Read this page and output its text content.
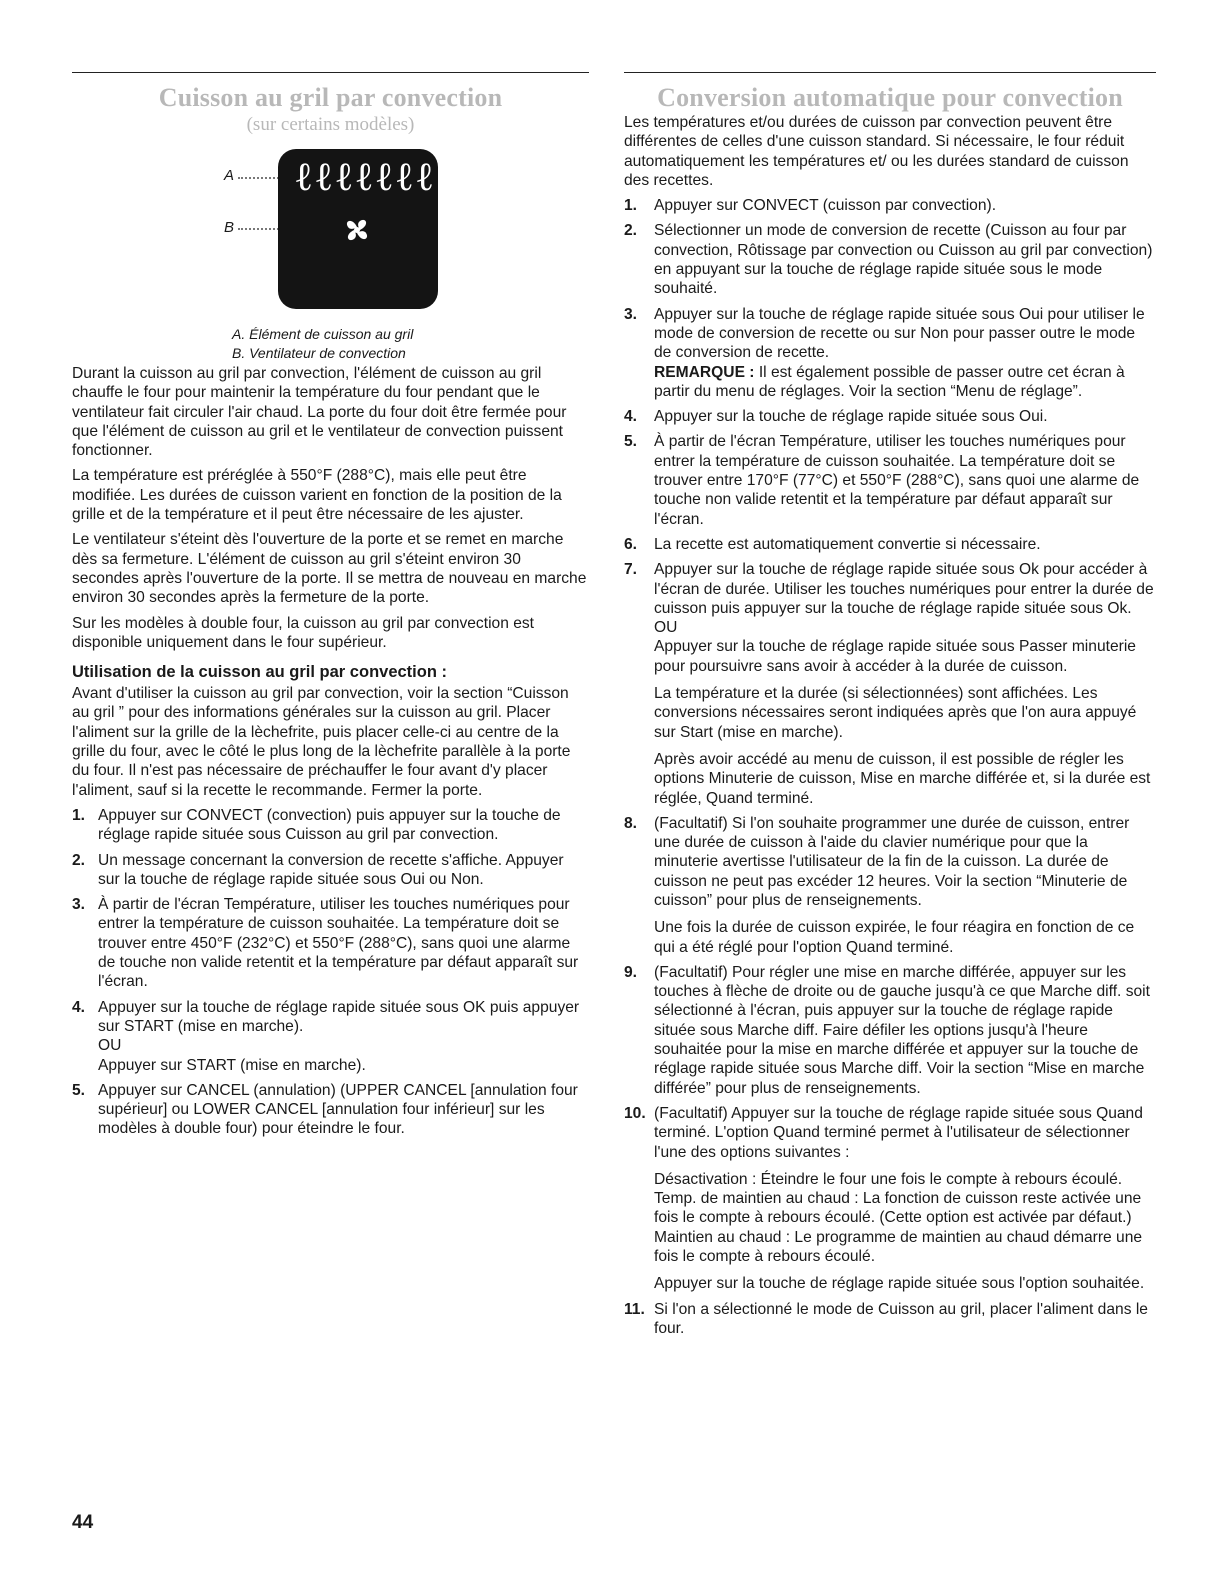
Cuisson au gril par convection
(sur certains modèles)
A
B
ℓℓℓℓℓℓℓ

A. Élément de cuisson au gril

B. Ventilateur de convection

Durant la cuisson au gril par convection, l'élément de cuisson au gril chauffe le four pour maintenir la température du four pendant que le ventilateur fait circuler l'air chaud. La porte du four doit être fermée pour que l'élément de cuisson au gril et le ventilateur de convection puissent fonctionner.

La température est préréglée à 550°F (288°C), mais elle peut être modifiée. Les durées de cuisson varient en fonction de la position de la grille et de la température et il peut être nécessaire de les ajuster.

Le ventilateur s'éteint dès l'ouverture de la porte et se remet en marche dès sa fermeture. L'élément de cuisson au gril s'éteint environ 30 secondes après l'ouverture de la porte. Il se mettra de nouveau en marche environ 30 secondes après la fermeture de la porte.

Sur les modèles à double four, la cuisson au gril par convection est disponible uniquement dans le four supérieur.

Utilisation de la cuisson au gril par convection :

Avant d'utiliser la cuisson au gril par convection, voir la section “Cuisson au gril ” pour des informations générales sur la cuisson au gril. Placer l'aliment sur la grille de la lèchefrite, puis placer celle-ci au centre de la grille du four, avec le côté le plus long de la lèchefrite parallèle à la porte du four. Il n'est pas nécessaire de préchauffer le four avant d'y placer l'aliment, sauf si la recette le recommande. Fermer la porte.

1. Appuyer sur CONVECT (convection) puis appuyer sur la touche de réglage rapide située sous Cuisson au gril par convection.

2. Un message concernant la conversion de recette s'affiche. Appuyer sur la touche de réglage rapide située sous Oui ou Non.

3. À partir de l'écran Température, utiliser les touches numériques pour entrer la température de cuisson souhaitée. La température doit se trouver entre 450°F (232°C) et 550°F (288°C), sans quoi une alarme de touche non valide retentit et la température par défaut apparaît sur l'écran.

4. Appuyer sur la touche de réglage rapide située sous OK puis appuyer sur START (mise en marche).

OU

Appuyer sur START (mise en marche).

5. Appuyer sur CANCEL (annulation) (UPPER CANCEL [annulation four supérieur] ou LOWER CANCEL [annulation four inférieur] sur les modèles à double four) pour éteindre le four.

Conversion automatique pour convection

Les températures et/ou durées de cuisson par convection peuvent être différentes de celles d'une cuisson standard. Si nécessaire, le four réduit automatiquement les températures et/ ou les durées standard de cuisson des recettes.

1. Appuyer sur CONVECT (cuisson par convection).

2. Sélectionner un mode de conversion de recette (Cuisson au four par convection, Rôtissage par convection ou Cuisson au gril par convection) en appuyant sur la touche de réglage rapide située sous le mode souhaité.

3. Appuyer sur la touche de réglage rapide située sous Oui pour utiliser le mode de conversion de recette ou sur Non pour passer outre le mode de conversion de recette.

REMARQUE : Il est également possible de passer outre cet écran à partir du menu de réglages. Voir la section “Menu de réglage”.

4. Appuyer sur la touche de réglage rapide située sous Oui.

5. À partir de l'écran Température, utiliser les touches numériques pour entrer la température de cuisson souhaitée. La température doit se trouver entre 170°F (77°C) et 550°F (288°C), sans quoi une alarme de touche non valide retentit et la température par défaut apparaît sur l'écran.

6. La recette est automatiquement convertie si nécessaire.

7. Appuyer sur la touche de réglage rapide située sous Ok pour accéder à l'écran de durée. Utiliser les touches numériques pour entrer la durée de cuisson puis appuyer sur la touche de réglage rapide située sous Ok.

OU

Appuyer sur la touche de réglage rapide située sous Passer minuterie pour poursuivre sans avoir à accéder à la durée de cuisson.

La température et la durée (si sélectionnées) sont affichées. Les conversions nécessaires seront indiquées après que l'on aura appuyé sur Start (mise en marche).

Après avoir accédé au menu de cuisson, il est possible de régler les options Minuterie de cuisson, Mise en marche différée et, si la durée est réglée, Quand terminé.

8. (Facultatif) Si l'on souhaite programmer une durée de cuisson, entrer une durée de cuisson à l'aide du clavier numérique pour que la minuterie avertisse l'utilisateur de la fin de la cuisson. La durée de cuisson ne peut pas excéder 12 heures. Voir la section “Minuterie de cuisson” pour plus de renseignements.

Une fois la durée de cuisson expirée, le four réagira en fonction de ce qui a été réglé pour l'option Quand terminé.

9. (Facultatif) Pour régler une mise en marche différée, appuyer sur les touches à flèche de droite ou de gauche jusqu'à ce que Marche diff. soit sélectionné à l'écran, puis appuyer sur la touche de réglage rapide située sous Marche diff. Faire défiler les options jusqu'à l'heure souhaitée pour la mise en marche différée et appuyer sur la touche de réglage rapide située sous Marche diff. Voir la section “Mise en marche différée” pour plus de renseignements.

10. (Facultatif) Appuyer sur la touche de réglage rapide située sous Quand terminé. L'option Quand terminé permet à l'utilisateur de sélectionner l'une des options suivantes :

Désactivation : Éteindre le four une fois le compte à rebours écoulé.

Temp. de maintien au chaud : La fonction de cuisson reste activée une fois le compte à rebours écoulé. (Cette option est activée par défaut.)

Maintien au chaud : Le programme de maintien au chaud démarre une fois le compte à rebours écoulé.

Appuyer sur la touche de réglage rapide située sous l'option souhaitée.

11. Si l'on a sélectionné le mode de Cuisson au gril, placer l'aliment dans le four.

44
